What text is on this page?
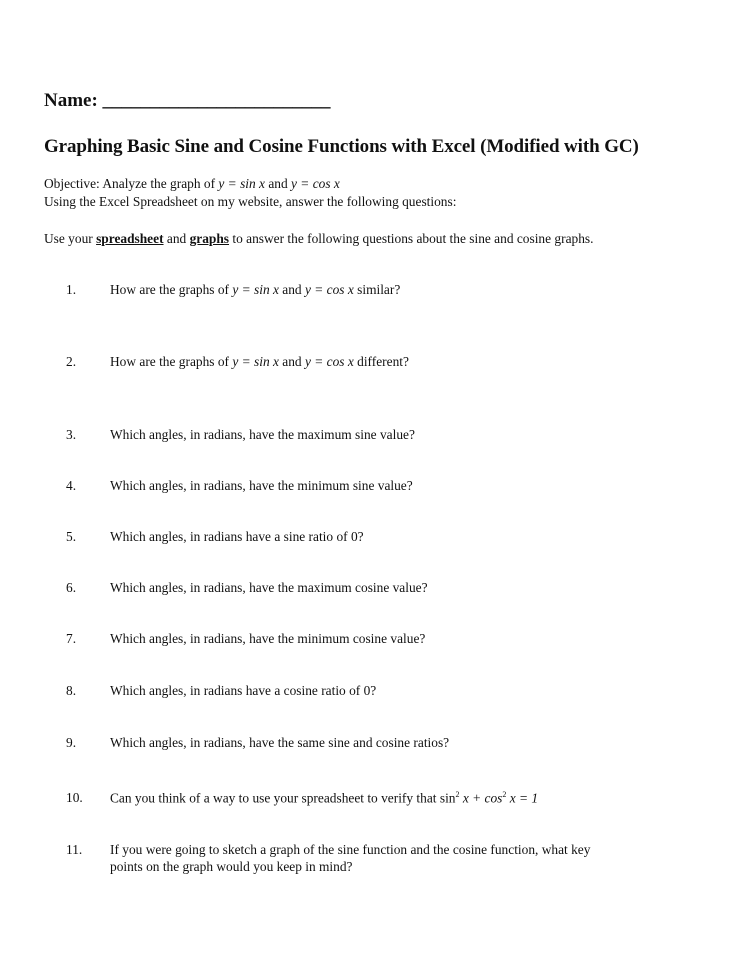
Name: ________________________
Graphing Basic Sine and Cosine Functions with Excel (Modified with GC)
Objective: Analyze the graph of y = sin x and y = cos x
Using the Excel Spreadsheet on my website, answer the following questions:
Use your spreadsheet and graphs to answer the following questions about the sine and cosine graphs.
1.	How are the graphs of y = sin x and y = cos x similar?
2.	How are the graphs of y = sin x and y = cos x different?
3.	Which angles, in radians, have the maximum sine value?
4.	Which angles, in radians, have the minimum sine value?
5.	Which angles, in radians have a sine ratio of 0?
6.	Which angles, in radians, have the maximum cosine value?
7.	Which angles, in radians, have the minimum cosine value?
8.	Which angles, in radians have a cosine ratio of 0?
9.	Which angles, in radians, have the same sine and cosine ratios?
10. Can you think of a way to use your spreadsheet to verify that $\sin^2 x + \cos^2 x = 1$
11. If you were going to sketch a graph of the sine function and the cosine function, what key
points on the graph would you keep in mind?
